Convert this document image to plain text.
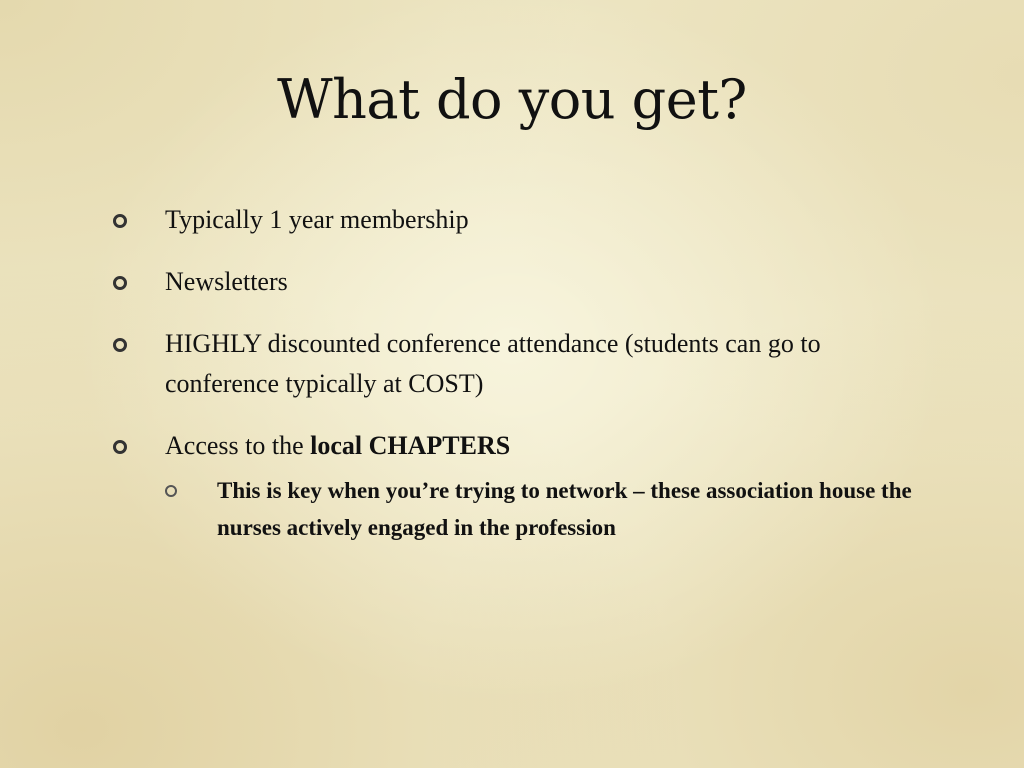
What do you get?
Typically 1 year membership
Newsletters
HIGHLY discounted conference attendance (students can go to conference typically at COST)
Access to the local CHAPTERS
This is key when you’re trying to network – these association house the nurses actively engaged in the profession
